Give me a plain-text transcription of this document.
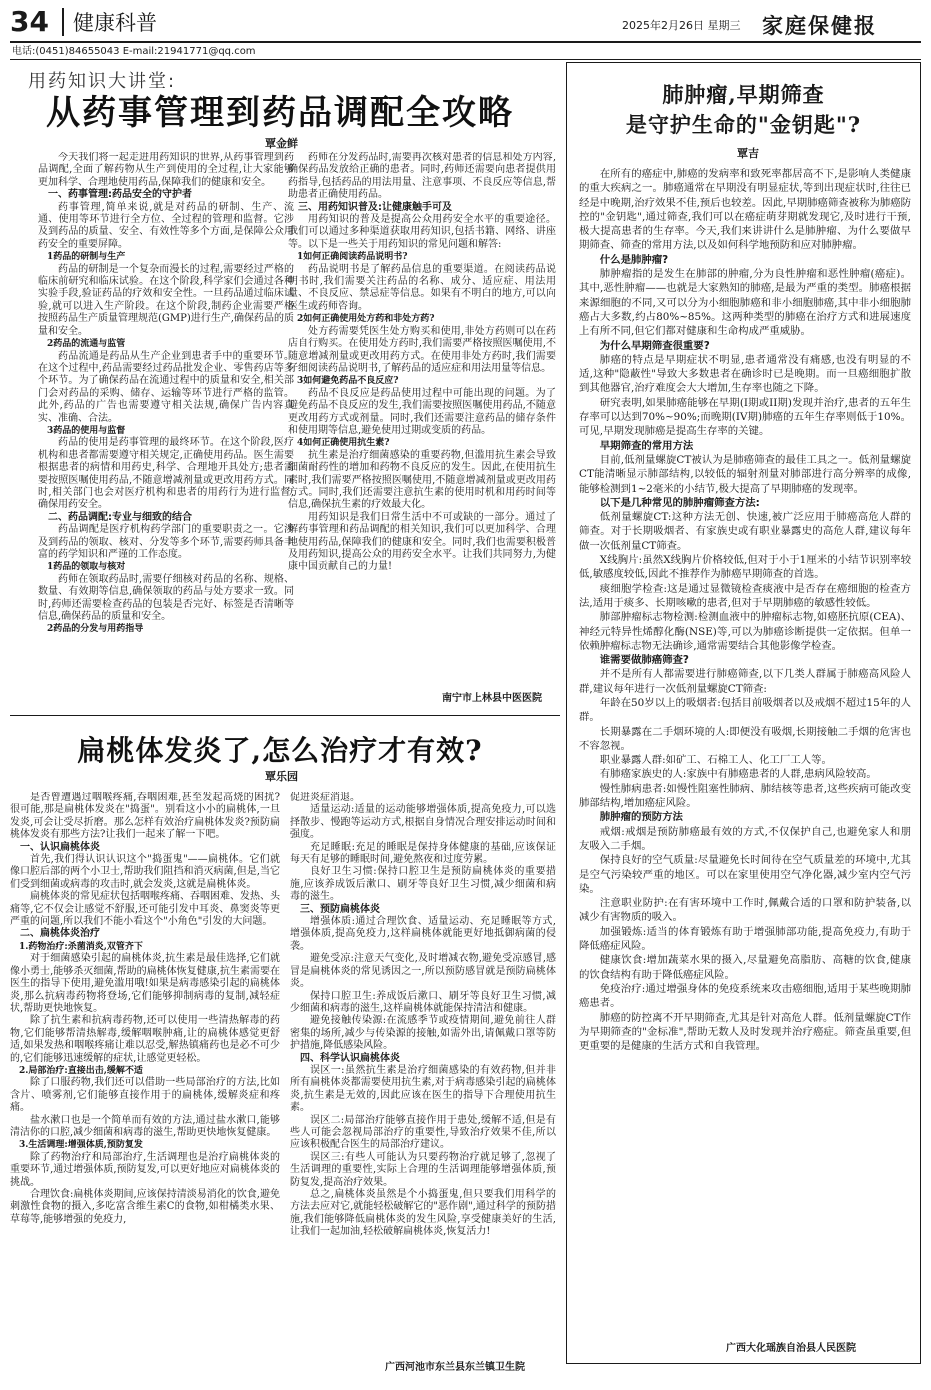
34 健康科普	2025年2月26日 星期三 家庭保健报
电话:(0451)84655043 E-mail:21941771@qq.com
用药知识大讲堂:
从药事管理到药品调配全攻略
覃金鲜

今天我们将一起走进用药知识的世界,从药事管理到药品调配,全面了解药物从生产到使用的全过程,让大家能够更加科学、合理地使用药品,保障我们的健康和安全。

一、药事管理:药品安全的守护者

药事管理,简单来说,就是对药品的研制、生产、流通、使用等环节进行全方位、全过程的管理和监督。它涉及到药品的质量、安全、有效性等多个方面,是保障公众用药安全的重要屏障。

1药品的研制与生产

药品的研制是一个复杂而漫长的过程,需要经过严格的临床前研究和临床试验。在这个阶段,科学家们会通过各种实验手段,验证药品的疗效和安全性。一旦药品通过临床试验,就可以进入生产阶段。在这个阶段,制药企业需要严格按照药品生产质量管理规范(GMP)进行生产,确保药品的质量和安全。

2药品的流通与监管

药品流通是药品从生产企业到患者手中的重要环节。在这个过程中,药品需要经过药品批发企业、零售药店等多个环节。为了确保药品在流通过程中的质量和安全,相关部门会对药品的采购、储存、运输等环节进行严格的监管。此外,药品的广告也需要遵守相关法规,确保广告内容真实、准确、合法。

3药品的使用与监督

药品的使用是药事管理的最终环节。在这个阶段,医疗机构和患者都需要遵守相关规定,正确使用药品。医生需要根据患者的病情和用药史,科学、合理地开具处方;患者需要按照医嘱使用药品,不随意增减剂量或更改用药方式。同时,相关部门也会对医疗机构和患者的用药行为进行监督,确保用药安全。

二、药品调配:专业与细致的结合

药品调配是医疗机构药学部门的重要职责之一。它涉及到药品的领取、核对、分发等多个环节,需要药师具备丰富的药学知识和严谨的工作态度。

1药品的领取与核对

药师在领取药品时,需要仔细核对药品的名称、规格、数量、有效期等信息,确保领取的药品与处方要求一致。同时,药师还需要检查药品的包装是否完好、标签是否清晰等信息,确保药品的质量和安全。

2药品的分发与用药指导

药师在分发药品时,需要再次核对患者的信息和处方内容,确保药品发放给正确的患者。同时,药师还需要向患者提供用药指导,包括药品的用法用量、注意事项、不良反应等信息,帮助患者正确使用药品。

三、用药知识普及:让健康触手可及

用药知识的普及是提高公众用药安全水平的重要途径。我们可以通过多种渠道获取用药知识,包括书籍、网络、讲座等。以下是一些关于用药知识的常见问题和解答:

1如何正确阅读药品说明书?

药品说明书是了解药品信息的重要渠道。在阅读药品说明书时,我们需要关注药品的名称、成分、适应症、用法用量、不良反应、禁忌症等信息。如果有不明白的地方,可以向医生或药师咨询。

2如何正确使用处方药和非处方药?

处方药需要凭医生处方购买和使用,非处方药则可以在药店自行购买。在使用处方药时,我们需要严格按照医嘱使用,不随意增减剂量或更改用药方式。在使用非处方药时,我们需要仔细阅读药品说明书,了解药品的适应症和用法用量等信息。

3如何避免药品不良反应?

药品不良反应是药品使用过程中可能出现的问题。为了避免药品不良反应的发生,我们需要按照医嘱使用药品,不随意更改用药方式或剂量。同时,我们还需要注意药品的储存条件和使用期等信息,避免使用过期或变质的药品。

4如何正确使用抗生素?

抗生素是治疗细菌感染的重要药物,但滥用抗生素会导致细菌耐药性的增加和药物不良反应的发生。因此,在使用抗生素时,我们需要严格按照医嘱使用,不随意增减剂量或更改用药方式。同时,我们还需要注意抗生素的使用时机和用药时间等信息,确保抗生素的疗效最大化。

用药知识是我们日常生活中不可或缺的一部分。通过了解药事管理和药品调配的相关知识,我们可以更加科学、合理地使用药品,保障我们的健康和安全。同时,我们也需要积极普及用药知识,提高公众的用药安全水平。让我们共同努力,为健康中国贡献自己的力量!

南宁市上林县中医医院
扁桃体发炎了,怎么治疗才有效?
覃乐园

是否曾遭遇过咽喉疼痛,吞咽困难,甚至发起高烧的困扰?很可能,那是扁桃体发炎在"捣蛋"。别看这小小的扁桃体,一旦发炎,可会让受尽折磨。那么怎样有效治疗扁桃体发炎?预防扁桃体发炎有那些方法?让我们一起来了解一下吧。

一、认识扁桃体炎

首先,我们得认识认识这个"捣蛋鬼"——扁桃体。它们就像口腔后部的两个小卫士,帮助我们阻挡和消灭病菌,但是,当它们受到细菌或病毒的攻击时,就会发炎,这就是扁桃体炎。

扁桃体炎的常见症状包括咽喉疼痛、吞咽困难、发热、头痛等,它不仅会让感觉不舒服,还可能引发中耳炎、鼻窦炎等更严重的问题,所以我们不能小看这个"小角色"引发的大问题。

二、扁桃体炎治疗

1.药物治疗:杀菌消炎,双管齐下

对于细菌感染引起的扁桃体炎,抗生素是最佳选择,它们就像小勇士,能够杀灭细菌,帮助的扁桃体恢复健康,抗生素需要在医生的指导下使用,避免滥用哦!如果是病毒感染引起的扁桃体炎,那么抗病毒药物将登场,它们能够抑制病毒的复制,减轻症状,帮助更快地恢复。

除了抗生素和抗病毒药物,还可以使用一些清热解毒的药物,它们能够帮清热解毒,缓解咽喉肿痛,让的扁桃体感觉更舒适,如果发热和咽喉疼痛让难以忍受,解热镇痛药也是必不可少的,它们能够迅速缓解的症状,让感觉更轻松。

2.局部治疗:直接出击,缓解不适

除了口服药物,我们还可以借助一些局部治疗的方法,比如含片、喷雾剂,它们能够直接作用于的扁桃体,缓解炎症和疼痛。

盐水漱口也是一个简单而有效的方法,通过盐水漱口,能够清洁你的口腔,减少细菌和病毒的滋生,帮助更快地恢复健康。

3.生活调理:增强体质,预防复发

除了药物治疗和局部治疗,生活调理也是治疗扁桃体炎的重要环节,通过增强体质,预防复发,可以更好地应对扁桃体炎的挑战。

合理饮食:扁桃体炎期间,应该保持清淡易消化的饮食,避免刺激性食物的摄入,多吃富含维生素C的食物,如柑橘类水果、草莓等,能够增强的免疫力,

促进炎症消退。

适量运动:适量的运动能够增强体质,提高免疫力,可以选择散步、慢跑等运动方式,根据自身情况合理安排运动时间和强度。

充足睡眠:充足的睡眠是保持身体健康的基础,应该保证每天有足够的睡眠时间,避免熬夜和过度劳累。

良好卫生习惯:保持口腔卫生是预防扁桃体炎的重要措施,应该养成饭后漱口、刷牙等良好卫生习惯,减少细菌和病毒的滋生。

三、预防扁桃体炎

增强体质:通过合理饮食、适量运动、充足睡眠等方式,增强体质,提高免疫力,这样扁桃体就能更好地抵御病菌的侵袭。

避免受凉:注意天气变化,及时增减衣物,避免受凉感冒,感冒是扁桃体炎的常见诱因之一,所以预防感冒就是预防扁桃体炎。

保持口腔卫生:养成饭后漱口、刷牙等良好卫生习惯,减少细菌和病毒的滋生,这样扁桃体就能保持清洁和健康。

避免接触传染源:在流感季节或疫情期间,避免前往人群密集的场所,减少与传染源的接触,如需外出,请佩戴口罩等防护措施,降低感染风险。

四、科学认识扁桃体炎

误区一:虽然抗生素是治疗细菌感染的有效药物,但并非所有扁桃体炎都需要使用抗生素,对于病毒感染引起的扁桃体炎,抗生素是无效的,因此应该在医生的指导下合理使用抗生素。

误区二:局部治疗能够直接作用于患处,缓解不适,但是有些人可能会忽视局部治疗的重要性,导致治疗效果不佳,所以应该积极配合医生的局部治疗建议。

误区三:有些人可能认为只要药物治疗就足够了,忽视了生活调理的重要性,实际上合理的生活调理能够增强体质,预防复发,提高治疗效果。

总之,扁桃体炎虽然是个小捣蛋鬼,但只要我们用科学的方法去应对它,就能轻松破解它的"恶作剧",通过科学的预防措施,我们能够降低扁桃体炎的发生风险,享受健康美好的生活,让我们一起加油,轻松破解扁桃体炎,恢复活力!

广西河池市东兰县东兰镇卫生院
肺肿瘤,早期筛查
是守护生命的"金钥匙"?
覃吉

在所有的癌症中,肺癌的发病率和致死率都居高不下,是影响人类健康的重大疾病之一。肺癌通常在早期没有明显症状,等到出现症状时,往往已经是中晚期,治疗效果不佳,预后也较差。因此,早期肺癌筛查被称为肺癌防控的"金钥匙",通过筛查,我们可以在癌症萌芽期就发现它,及时进行干预,极大提高患者的生存率。今天,我们来讲讲什么是肺肿瘤、为什么要做早期筛查、筛查的常用方法,以及如何科学地预防和应对肺肿瘤。

什么是肺肿瘤?

肺肿瘤指的是发生在肺部的肿瘤,分为良性肿瘤和恶性肿瘤(癌症)。其中,恶性肿瘤——也就是大家熟知的肺癌,是最为严重的类型。肺癌根据来源细胞的不同,又可以分为小细胞肺癌和非小细胞肺癌,其中非小细胞肺癌占大多数,约占80%~85%。这两种类型的肺癌在治疗方式和进展速度上有所不同,但它们都对健康和生命构成严重威胁。

为什么早期筛查很重要?

肺癌的特点是早期症状不明显,患者通常没有痛感,也没有明显的不适,这种"隐蔽性"导致大多数患者在确诊时已是晚期。而一旦癌细胞扩散到其他器官,治疗难度会大大增加,生存率也随之下降。

研究表明,如果肺癌能够在早期(I期或II期)发现并治疗,患者的五年生存率可以达到70%~90%;而晚期(IV期)肺癌的五年生存率则低于10%。可见,早期发现肺癌是提高生存率的关键。

早期筛查的常用方法

目前,低剂量螺旋CT被认为是肺癌筛查的最佳工具之一。低剂量螺旋CT能清晰显示肺部结构,以较低的辐射剂量对肺部进行高分辨率的成像,能够检测到1~2毫米的小结节,极大提高了早期肺癌的发现率。

以下是几种常见的肺肿瘤筛查方法:

低剂量螺旋CT:这种方法无创、快速,被广泛应用于肺癌高危人群的筛查。对于长期吸烟者、有家族史或有职业暴露史的高危人群,建议每年做一次低剂量CT筛查。

X线胸片:虽然X线胸片价格较低,但对于小于1厘米的小结节识别率较低,敏感度较低,因此不推荐作为肺癌早期筛查的首选。

痰细胞学检查:这是通过显微镜检查痰液中是否存在癌细胞的检查方法,适用于痰多、长期咳嗽的患者,但对于早期肺癌的敏感性较低。

肺部肿瘤标志物检测:检测血液中的肿瘤标志物,如癌胚抗原(CEA)、神经元特异性烯醇化酶(NSE)等,可以为肺癌诊断提供一定依据。但单一依赖肿瘤标志物无法确诊,通常需要结合其他影像学检查。

谁需要做肺癌筛查?

并不是所有人都需要进行肺癌筛查,以下几类人群属于肺癌高风险人群,建议每年进行一次低剂量螺旋CT筛查:

年龄在50岁以上的吸烟者:包括目前吸烟者以及戒烟不超过15年的人群。

长期暴露在二手烟环境的人:即便没有吸烟,长期接触二手烟的危害也不容忽视。

职业暴露人群:如矿工、石棉工人、化工厂工人等。

有肺癌家族史的人:家族中有肺癌患者的人群,患病风险较高。

慢性肺病患者:如慢性阻塞性肺病、肺结核等患者,这些疾病可能改变肺部结构,增加癌症风险。

肺肿瘤的预防方法

戒烟:戒烟是预防肺癌最有效的方式,不仅保护自己,也避免家人和朋友吸入二手烟。

保持良好的空气质量:尽量避免长时间待在空气质量差的环境中,尤其是空气污染较严重的地区。可以在家里使用空气净化器,减少室内空气污染。

注意职业防护:在有害环境中工作时,佩戴合适的口罩和防护装备,以减少有害物质的吸入。

加强锻炼:适当的体育锻炼有助于增强肺部功能,提高免疫力,有助于降低癌症风险。

健康饮食:增加蔬菜水果的摄入,尽量避免高脂肪、高糖的饮食,健康的饮食结构有助于降低癌症风险。

免疫治疗:通过增强身体的免疫系统来攻击癌细胞,适用于某些晚期肺癌患者。

肺癌的防控离不开早期筛查,尤其是针对高危人群。低剂量螺旋CT作为早期筛查的"金标准",帮助无数人及时发现并治疗癌症。筛查虽重要,但更重要的是健康的生活方式和自我管理。

广西大化瑶族自治县人民医院
